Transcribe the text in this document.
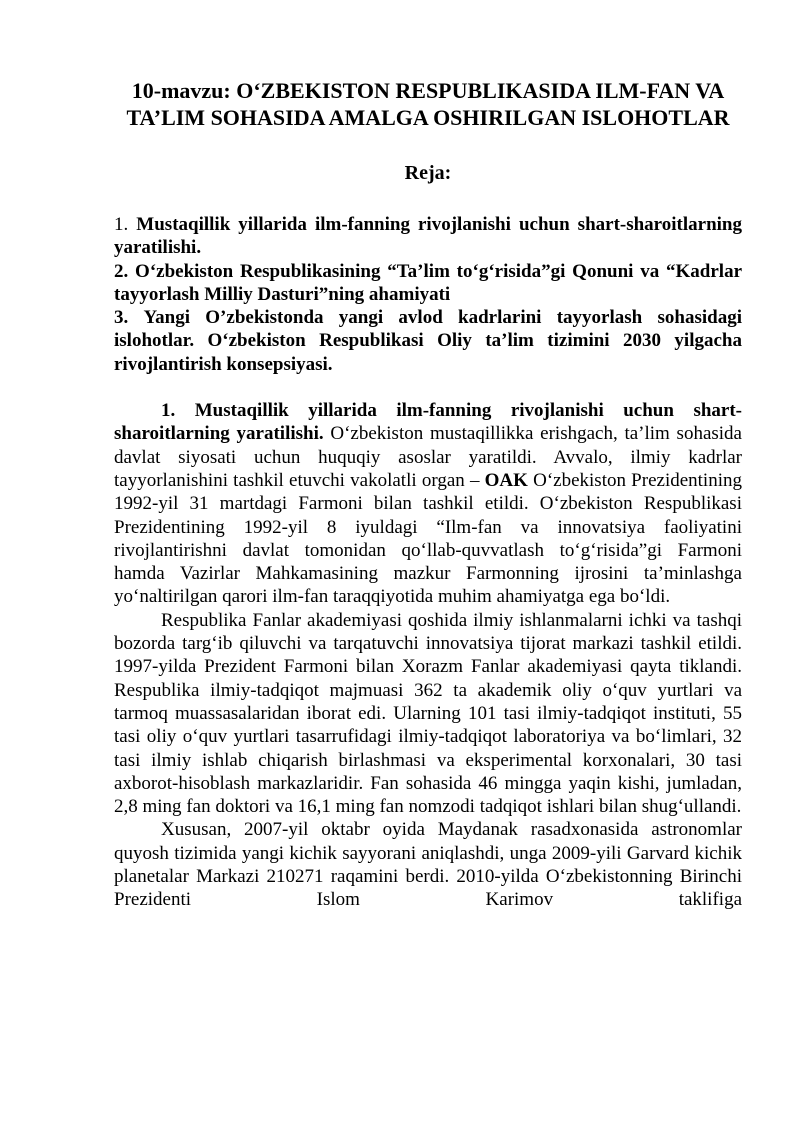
10-mavzu: O‘ZBEKISTON RESPUBLIKASIDA ILM-FAN VA TA’LIM SOHASIDA AMALGA OSHIRILGAN ISLOHOTLAR
Reja:

1. Mustaqillik yillarida ilm-fanning rivojlanishi uchun shart-sharoitlarning yaratilishi.

2. O‘zbekiston Respublikasining “Ta’lim to‘g‘risida”gi Qonuni va “Kadrlar tayyorlash Milliy Dasturi”ning ahamiyati

3. Yangi O’zbekistonda yangi avlod kadrlarini tayyorlash sohasidagi islohotlar. O‘zbekiston Respublikasi Oliy ta’lim tizimini 2030 yilgacha rivojlantirish konsepsiyasi.

1. Mustaqillik yillarida ilm-fanning rivojlanishi uchun shart-sharoitlarning yaratilishi. O‘zbekiston mustaqillikka erishgach, ta’lim sohasida davlat siyosati uchun huquqiy asoslar yaratildi. Avvalo, ilmiy kadrlar tayyorlanishini tashkil etuvchi vakolatli organ – OAK O‘zbekiston Prezidentining 1992-yil 31 martdagi Farmoni bilan tashkil etildi. O‘zbekiston Respublikasi Prezidentining 1992-yil 8 iyuldagi “Ilm-fan va innovatsiya faoliyatini rivojlantirishni davlat tomonidan qo‘llab-quvvatlash to‘g‘risida”gi Farmoni hamda Vazirlar Mahkamasining mazkur Farmonning ijrosini ta’minlashga yo‘naltirilgan qarori ilm-fan taraqqiyotida muhim ahamiyatga ega bo‘ldi.

Respublika Fanlar akademiyasi qoshida ilmiy ishlanmalarni ichki va tashqi bozorda targ‘ib qiluvchi va tarqatuvchi innovatsiya tijorat markazi tashkil etildi. 1997-yilda Prezident Farmoni bilan Xorazm Fanlar akademiyasi qayta tiklandi. Respublika ilmiy-tadqiqot majmuasi 362 ta akademik oliy o‘quv yurtlari va tarmoq muassasalaridan iborat edi. Ularning 101 tasi ilmiy-tadqiqot instituti, 55 tasi oliy o‘quv yurtlari tasarrufidagi ilmiy-tadqiqot laboratoriya va bo‘limlari, 32 tasi ilmiy ishlab chiqarish birlashmasi va eksperimental korxonalari, 30 tasi axborot-hisoblash markazlaridir. Fan sohasida 46 mingga yaqin kishi, jumladan, 2,8 ming fan doktori va 16,1 ming fan nomzodi tadqiqot ishlari bilan shug‘ullandi.

Xususan, 2007-yil oktabr oyida Maydanak rasadxonasida astronomlar quyosh tizimida yangi kichik sayyorani aniqlashdi, unga 2009-yili Garvard kichik planetalar Markazi 210271 raqamini berdi. 2010-yilda O‘zbekistonning Birinchi Prezidenti Islom Karimov taklifiga
